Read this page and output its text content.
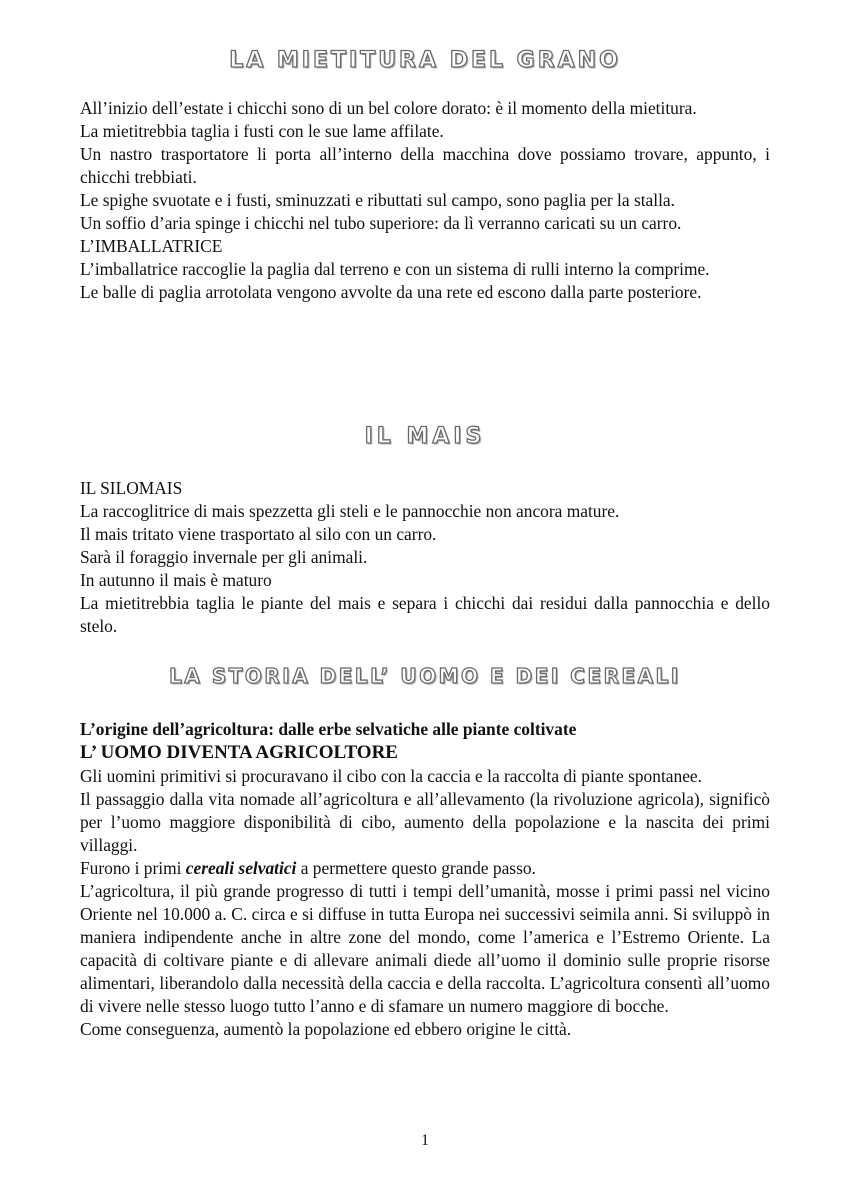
LA MIETITURA DEL GRANO

All’inizio dell’estate i chicchi sono di un bel colore dorato: è il momento della mietitura.

La mietitrebbia taglia i fusti con le sue lame affilate.

Un nastro trasportatore li porta all’interno della macchina dove possiamo trovare, appunto, i chicchi trebbiati.

Le spighe svuotate e i fusti, sminuzzati e ributtati sul campo, sono paglia per la stalla.

Un soffio d’aria spinge i chicchi nel tubo superiore: da lì verranno caricati su un carro.

L’IMBALLATRICE

L’imballatrice raccoglie la paglia dal terreno e con un sistema di rulli interno la comprime.

Le balle di paglia arrotolata vengono avvolte da una rete ed escono dalla parte posteriore.

IL MAIS

IL SILOMAIS

La raccoglitrice di mais spezzetta gli steli e le pannocchie non ancora mature.

Il mais tritato viene trasportato al silo con un carro.

Sarà il foraggio invernale per gli animali.

In autunno il mais è maturo

La mietitrebbia taglia le piante del mais e separa i chicchi dai residui dalla pannocchia e dello stelo.

LA STORIA DELL’ UOMO E DEI CEREALI

L’origine dell’agricoltura: dalle erbe selvatiche alle piante coltivate

L’ UOMO DIVENTA AGRICOLTORE

Gli uomini primitivi si procuravano il cibo con la caccia e la raccolta di piante spontanee.

Il passaggio dalla vita nomade all’agricoltura e all’allevamento (la rivoluzione agricola), significò per l’uomo maggiore disponibilità di cibo, aumento della popolazione e la nascita dei primi villaggi.

Furono i primi cereali selvatici a permettere questo grande passo.

L’agricoltura, il più grande progresso di tutti i tempi dell’umanità, mosse i primi passi nel vicino Oriente nel 10.000 a. C. circa e si diffuse in tutta Europa nei successivi seimila anni. Si sviluppò in maniera indipendente anche in altre zone del mondo, come l’america e l’Estremo Oriente. La capacità di coltivare piante e di allevare animali diede all’uomo il dominio sulle proprie risorse alimentari, liberandolo dalla necessità della caccia e della raccolta. L’agricoltura consentì all’uomo di vivere nelle stesso luogo tutto l’anno e di sfamare un numero maggiore di bocche.

Come conseguenza, aumentò la popolazione ed ebbero origine le città.

1
